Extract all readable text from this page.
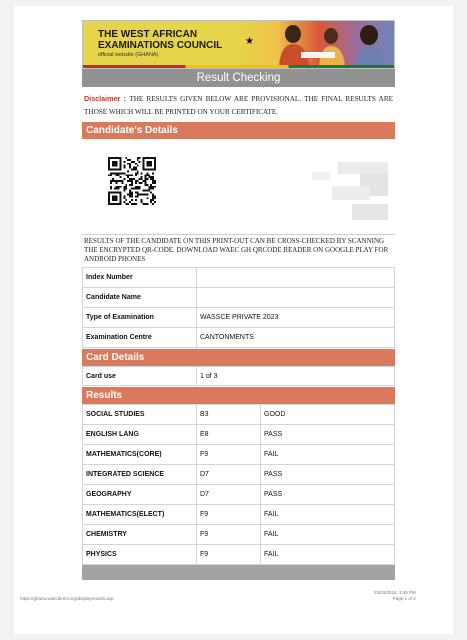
THE WEST AFRICAN
EXAMINATIONS COUNCIL
official website (GHANA)
★
Result Checking
Disclaimer : THE RESULTS GIVEN BELOW ARE PROVISIONAL. THE FINAL RESULTS ARE THOSE WHICH WILL BE PRINTED ON YOUR CERTIFICATE.
Candidate's Details
RESULTS OF THE CANDIDATE ON THIS PRINT-OUT CAN BE CROSS-CHECKED BY SCANNING THE ENCRYPTED QR-CODE. DOWNLOAD WAEC GH QRCODE READER ON GOOGLE PLAY FOR ANDROID PHONES
Index Number	
Candidate Name	
Type of Examination	WASSCE PRIVATE 2023
Examination Centre	CANTONMENTS
Card Details
Card use	1 of 3
Results
SOCIAL STUDIES	B3	GOOD
ENGLISH LANG	E8	PASS
MATHEMATICS(CORE)	F9	FAIL
INTEGRATED SCIENCE	D7	PASS
GEOGRAPHY	D7	PASS
MATHEMATICS(ELECT)	F9	FAIL
CHEMISTRY	F9	FAIL
PHYSICS	F9	FAIL
https://ghana.waecdirect.org/displayresults.asp
23/03/2024, 3:49 PM
Page 1 of 2
